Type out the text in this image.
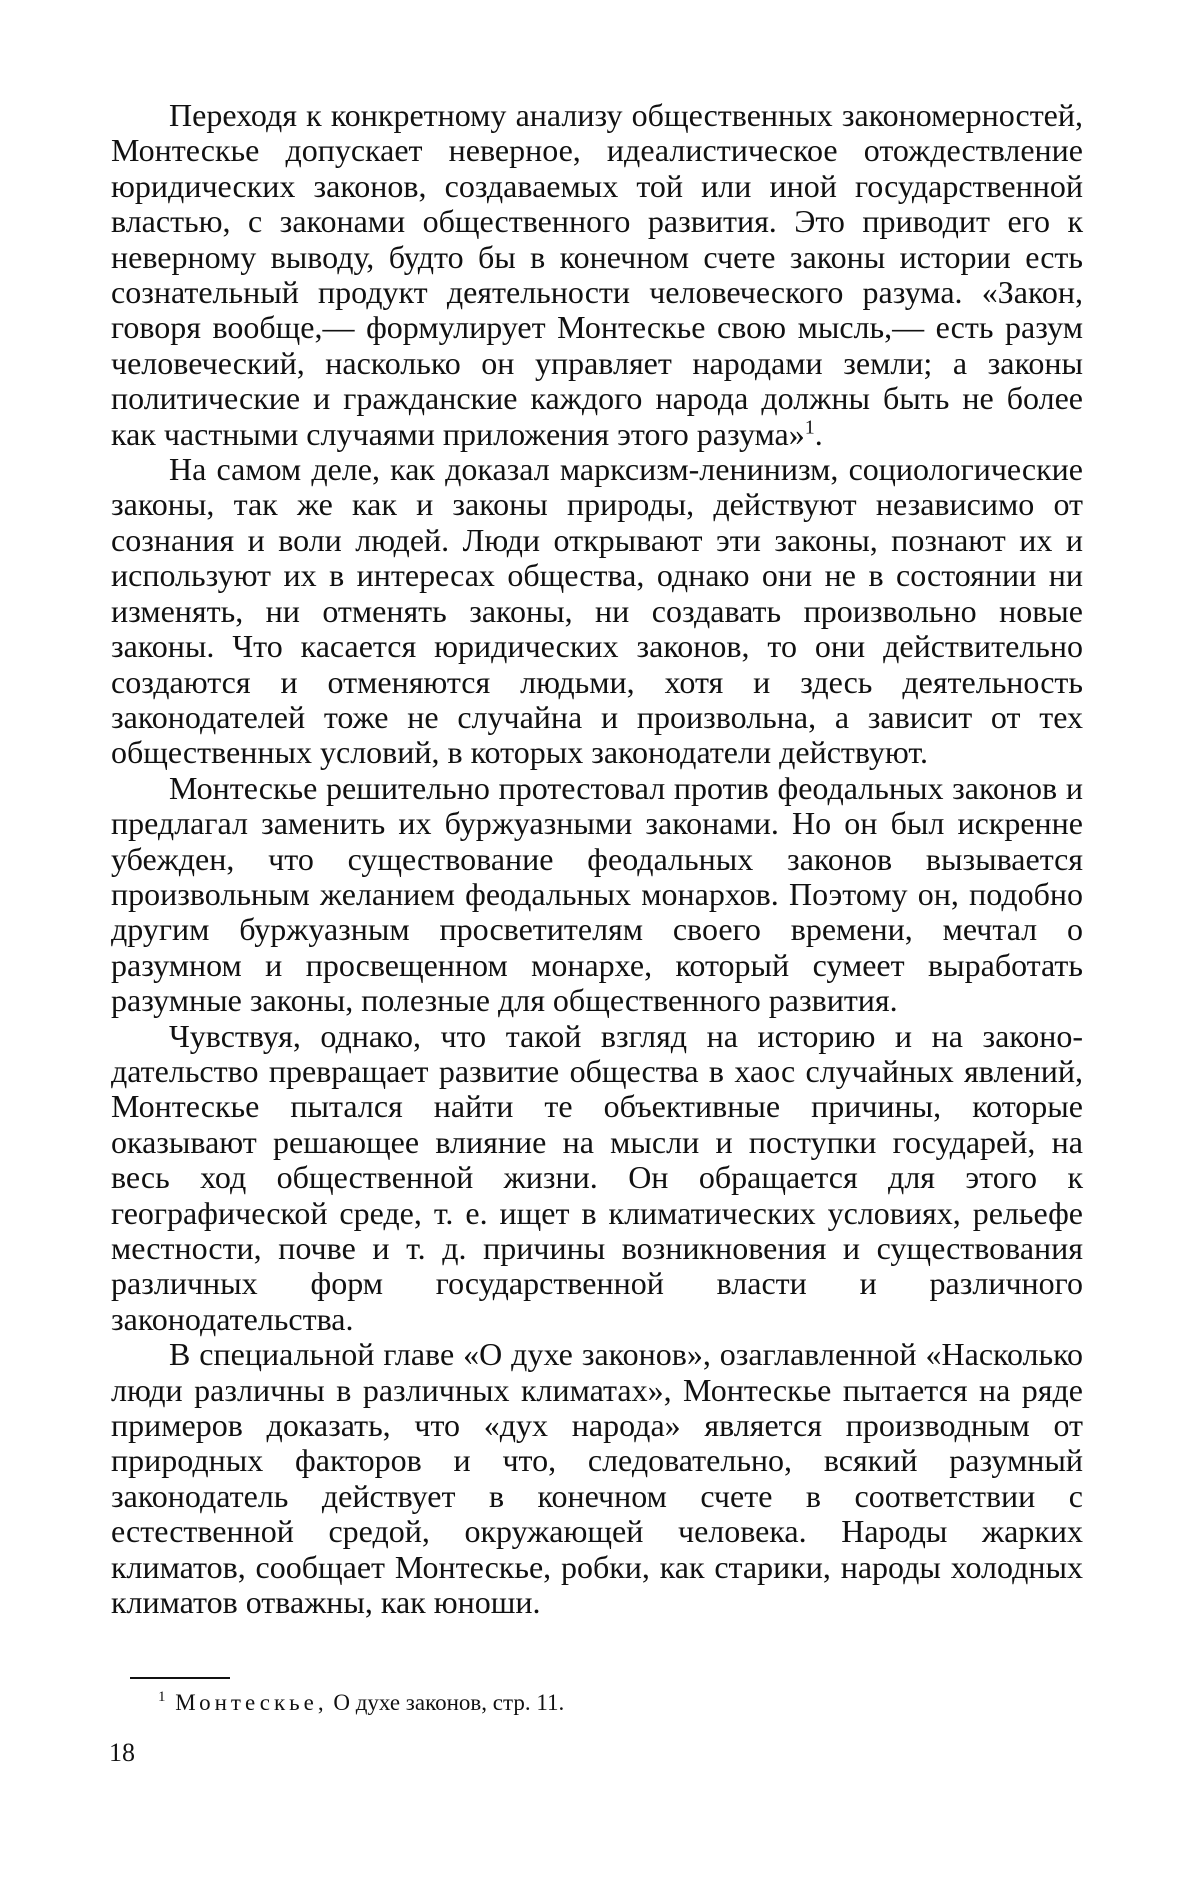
Переходя к конкретному анализу общественных закономер­ностей, Монтескье допускает неверное, идеалистическое ото­ждествление юридических законов, создаваемых той или иной государственной властью, с законами общественного развития. Это приводит его к неверному выводу, будто бы в конечном счете законы истории есть сознательный продукт деятельности человеческого разума. «Закон, говоря вообще,— формулирует Монтескье свою мысль,— есть разум человеческий, насколько он управляет народами земли; а законы политические и граж­данские каждого народа должны быть не более как частными случаями приложения этого разума»1.

На самом деле, как доказал марксизм-ленинизм, социоло­гические законы, так же как и законы природы, действуют независимо от сознания и воли людей. Люди открывают эти за­коны, познают их и используют их в интересах общества, однако они не в состоянии ни изменять, ни отменять законы, ни создавать произвольно новые законы. Что касается юридиче­ских законов, то они действительно создаются и отменяются людьми, хотя и здесь деятельность законодателей тоже не слу­чайна и произвольна, а зависит от тех общественных условий, в которых законодатели действуют.

Монтескье решительно протестовал против феодальных за­конов и предлагал заменить их буржуазными законами. Но он был искренне убежден, что существование феодальных законов вызывается произвольным желанием феодальных монархов. Поэтому он, подобно другим буржуазным просветителям своего времени, мечтал о разумном и просвещенном монархе, который сумеет выработать разумные законы, полезные для обществен­ного развития.

Чувствуя, однако, что такой взгляд на историю и на законо­дательство превращает развитие общества в хаос случайных явлений, Монтескье пытался найти те объективные причины, которые оказывают решающее влияние на мысли и поступки государей, на весь ход общественной жизни. Он обращается для этого к географической среде, т. е. ищет в климатических условиях, рельефе местности, почве и т. д. причины возникнове­ния и существования различных форм государственной власти и различного законодательства.

В специальной главе «О духе законов», озаглавленной «На­сколько люди различны в различных климатах», Монтескье пытается на ряде примеров доказать, что «дух народа» яв­ляется производным от природных факторов и что, следова­тельно, всякий разумный законодатель действует в конечном счете в соответствии с естественной средой, окружающей чело­века. Народы жарких климатов, сообщает Монтескье, робки, как старики, народы холодных климатов отважны, как юноши.

1 Монтескье, О духе законов, стр. 11.
18
